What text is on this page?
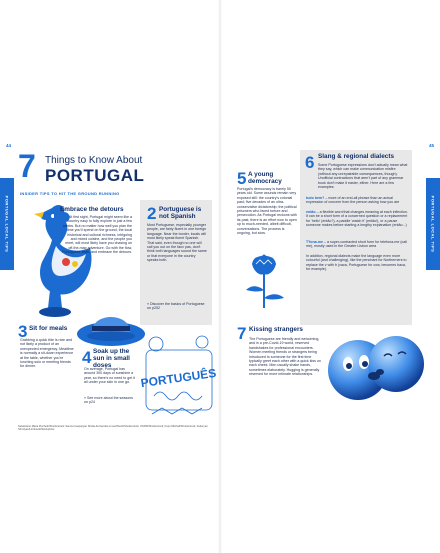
PORTUGAL LOCAL TIPS	PORTUGAL LOCAL TIPS
44	45
7 Things to Know About
PORTUGAL
INSIDER TIPS TO HIT THE GROUND RUNNING
1 Embrace the detours
At first sight, Portugal might seem like a country easy to fully explore in just a few weeks. But no matter how well you plan the time you'll spend on the ground, the local historical and cultural richness, intriguing and mixed cuisine, and the people you meet, will most likely have you chasing on off-the-map adventure. Go with the flow, Portuguese style, and embrace the detours.
2 Portuguese is not Spanish
Most Portuguese, especially younger people, are fairly fluent in one foreign language. Near the border, locals will most likely speak fluent Spanish. That said, even though no one will call you out on the faux pas, don't think both languages sound the same or that everyone in the country speaks both.
» Discover the basics of Portuguese on p252
3 Sit for meals
Grabbing a quick bite is rare and not likely a product of an unexpected emergency. Mealtime is normally a sit-down experience at the table, whether you're lunching solo or meeting friends for dinner.	4 Soak up the sun in small doses
On average, Portugal has around 300 days of sunshine a year, so there's no need to get it all under your skin in one go.
» See more about the seasons on p24
PORTUGUÊS
Sebastiano Maria Piochetti/Shutterstock; Samira Gasparyan Sheila-Fernandes-Lmeo/iStock/Shutterstock; OSDW/Shutterstock; Kupo Mitchell/Shutterstock; Fedoryan Shmityan/Lionbook/iStockphoto
5 A young democracy
Portugal's democracy is barely 50 years old. Some wounds remain very exposed still: the country's colonial past; five decades of an ultra-conservative dictatorship; the political prisoners who faced torture and persecution. As Portugal reckons with its past, there is an effort now to open up to much-needed, albeit difficult, conversations. The process is ongoing, but slow.
6 Slang & regional dialects
Some Portuguese expressions don't actually mean what they say, which can make communication misfire (without any unrepairable consequences, though). Unofficial contractions that aren't part of any grammar book don't make it easier, either. Here are a few examples:
tudo bem? – more of an end-all phrase than an actual expression of concern from the person asking how you are
entāo – a flexible word that changes meaning at each inflection. It can be a short form of a concerned question or a replacement for 'hello' (entāo?), a paddle 'watch it' (entāo!), or a pause someone makes before starting a lengthy explanation (entāo...)
T'fona-me – a super-contracted short form for telefona-me (call me), mostly used in the Greater Lisbon area
In addition, regional dialects make the language even more colourful (and challenging), like the penchant for Northerners to replace the v with b (vaca, Portuguese for cow, becomes baca, for example).
7 Kissing strangers
The Portuguese are friendly and welcoming, and in a pre-Covid-19 world, reserved handshakes for professional encounters. Women meeting friends or strangers being introduced to someone for the first time typically greet each other with a quick kiss on each cheek. Men usually shake hands, sometimes elaborately. Hugging is generally reserved for more intimate relationships.
